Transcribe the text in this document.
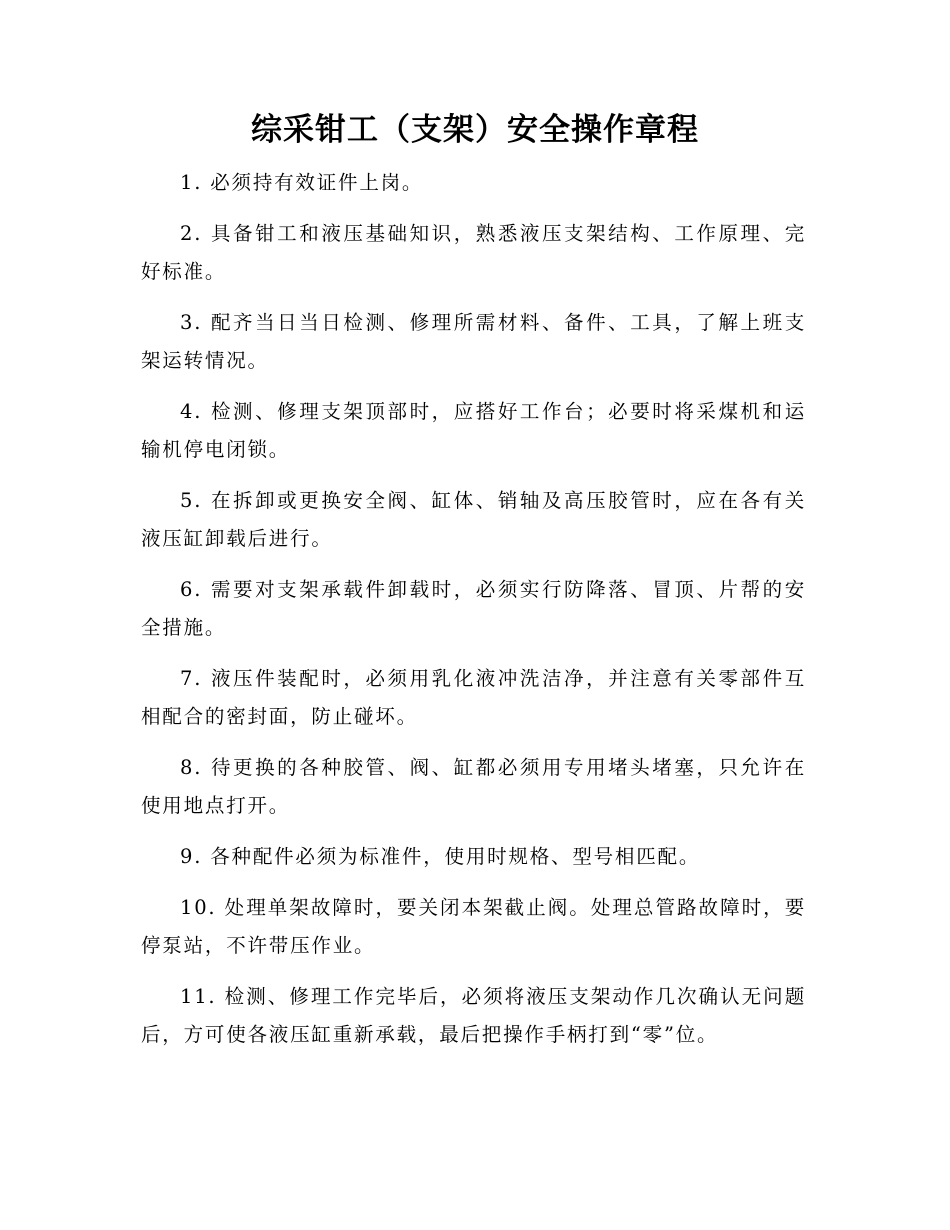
综采钳工（支架）安全操作章程

1. 必须持有效证件上岗。

2. 具备钳工和液压基础知识，熟悉液压支架结构、工作原理、完好标准。

3. 配齐当日当日检测、修理所需材料、备件、工具，了解上班支架运转情况。

4. 检测、修理支架顶部时，应搭好工作台；必要时将采煤机和运输机停电闭锁。

5. 在拆卸或更换安全阀、缸体、销轴及高压胶管时，应在各有关液压缸卸载后进行。

6. 需要对支架承载件卸载时，必须实行防降落、冒顶、片帮的安全措施。

7. 液压件装配时，必须用乳化液冲洗洁净，并注意有关零部件互相配合的密封面，防止碰坏。

8. 待更换的各种胶管、阀、缸都必须用专用堵头堵塞，只允许在使用地点打开。

9. 各种配件必须为标准件，使用时规格、型号相匹配。

10. 处理单架故障时，要关闭本架截止阀。处理总管路故障时，要停泵站，不许带压作业。

11. 检测、修理工作完毕后，必须将液压支架动作几次确认无问题后，方可使各液压缸重新承载，最后把操作手柄打到“零”位。
